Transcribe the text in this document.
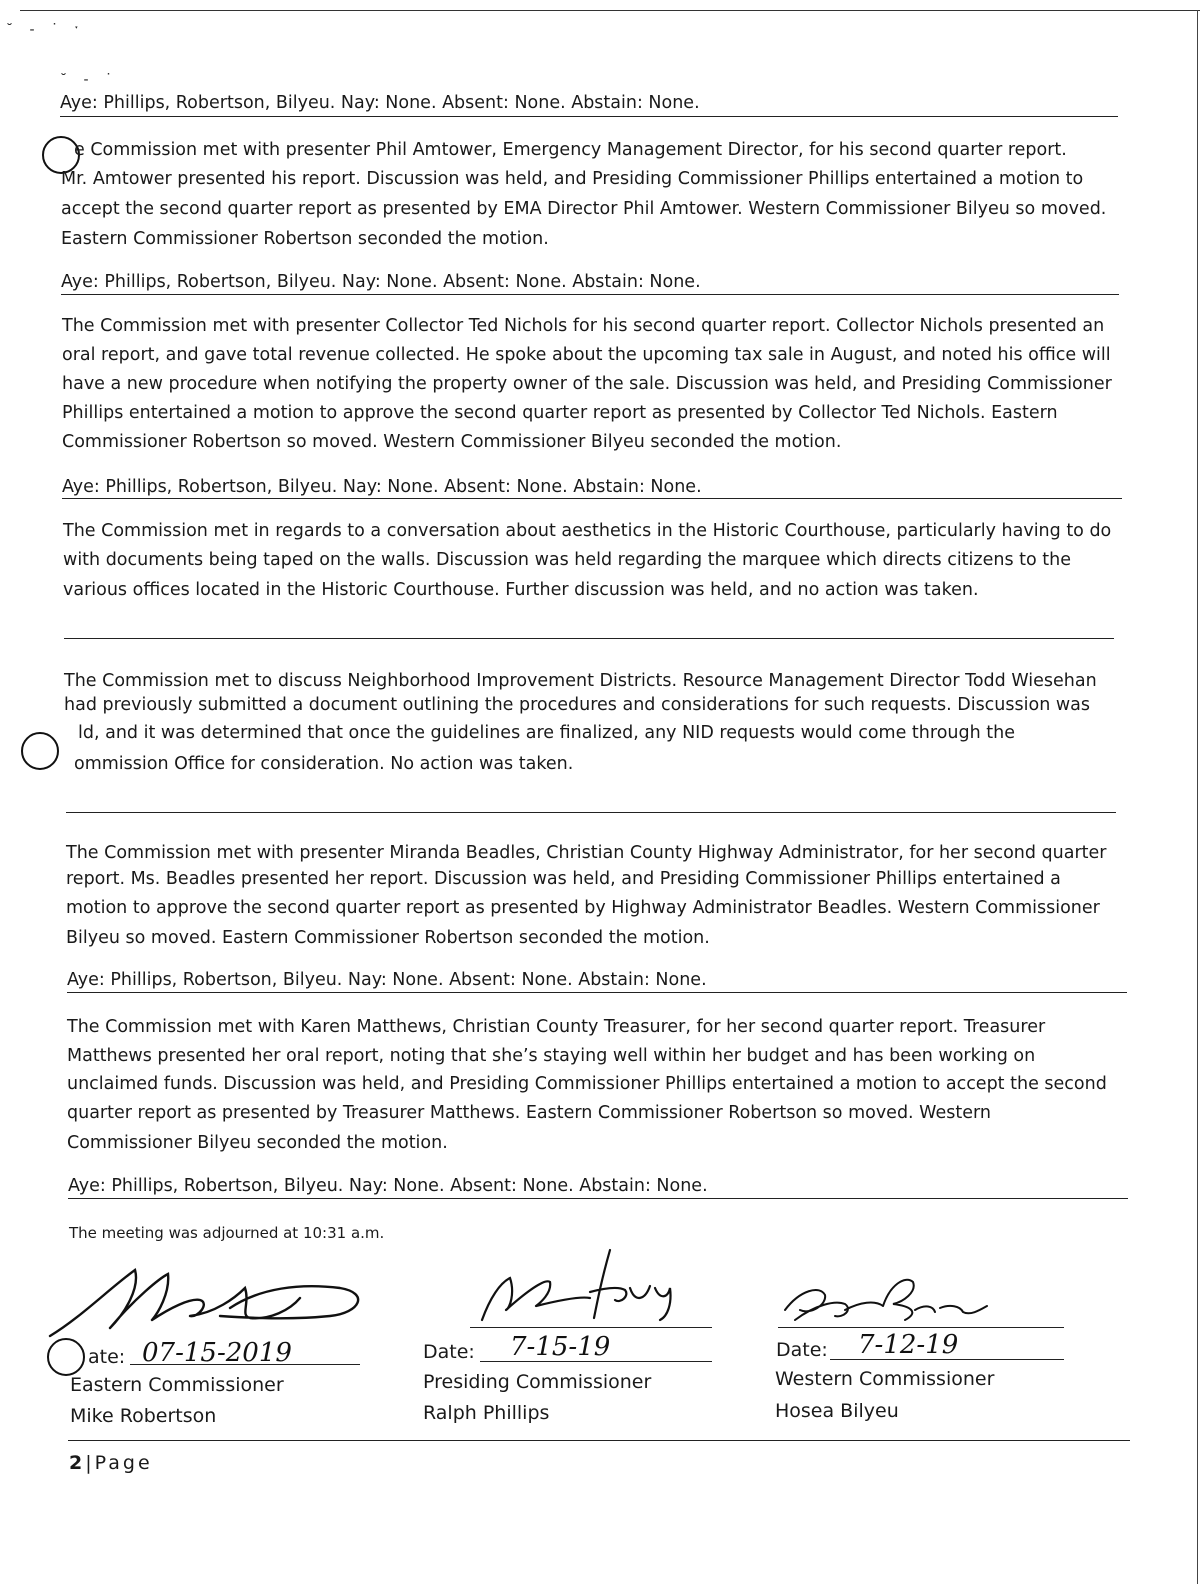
˘ ‐ ˙ ˑ
˘ ‐ ˙
Aye: Phillips, Robertson, Bilyeu. Nay: None. Absent: None. Abstain: None.
e Commission met with presenter Phil Amtower, Emergency Management Director, for his second quarter report.
Mr. Amtower presented his report. Discussion was held, and Presiding Commissioner Phillips entertained a motion to
accept the second quarter report as presented by EMA Director Phil Amtower. Western Commissioner Bilyeu so moved.
Eastern Commissioner Robertson seconded the motion.
Aye: Phillips, Robertson, Bilyeu. Nay: None. Absent: None. Abstain: None.
The Commission met with presenter Collector Ted Nichols for his second quarter report. Collector Nichols presented an
oral report, and gave total revenue collected. He spoke about the upcoming tax sale in August, and noted his office will
have a new procedure when notifying the property owner of the sale. Discussion was held, and Presiding Commissioner
Phillips entertained a motion to approve the second quarter report as presented by Collector Ted Nichols. Eastern
Commissioner Robertson so moved. Western Commissioner Bilyeu seconded the motion.
Aye: Phillips, Robertson, Bilyeu. Nay: None. Absent: None. Abstain: None.
The Commission met in regards to a conversation about aesthetics in the Historic Courthouse, particularly having to do
with documents being taped on the walls. Discussion was held regarding the marquee which directs citizens to the
various offices located in the Historic Courthouse. Further discussion was held, and no action was taken.
The Commission met to discuss Neighborhood Improvement Districts. Resource Management Director Todd Wiesehan
had previously submitted a document outlining the procedures and considerations for such requests. Discussion was
ld, and it was determined that once the guidelines are finalized, any NID requests would come through the
ommission Office for consideration. No action was taken.
The Commission met with presenter Miranda Beadles, Christian County Highway Administrator, for her second quarter
report. Ms. Beadles presented her report. Discussion was held, and Presiding Commissioner Phillips entertained a
motion to approve the second quarter report as presented by Highway Administrator Beadles. Western Commissioner
Bilyeu so moved. Eastern Commissioner Robertson seconded the motion.
Aye: Phillips, Robertson, Bilyeu. Nay: None. Absent: None. Abstain: None.
The Commission met with Karen Matthews, Christian County Treasurer, for her second quarter report. Treasurer
Matthews presented her oral report, noting that she’s staying well within her budget and has been working on
unclaimed funds. Discussion was held, and Presiding Commissioner Phillips entertained a motion to accept the second
quarter report as presented by Treasurer Matthews. Eastern Commissioner Robertson so moved. Western
Commissioner Bilyeu seconded the motion.
Aye: Phillips, Robertson, Bilyeu. Nay: None. Absent: None. Abstain: None.
The meeting was adjourned at 10:31 a.m.
ate: 07-15-2019
Eastern Commissioner
Mike Robertson
Date: 7-15-19
Presiding Commissioner
Ralph Phillips
Date: 7-12-19
Western Commissioner
Hosea Bilyeu
2|Page
